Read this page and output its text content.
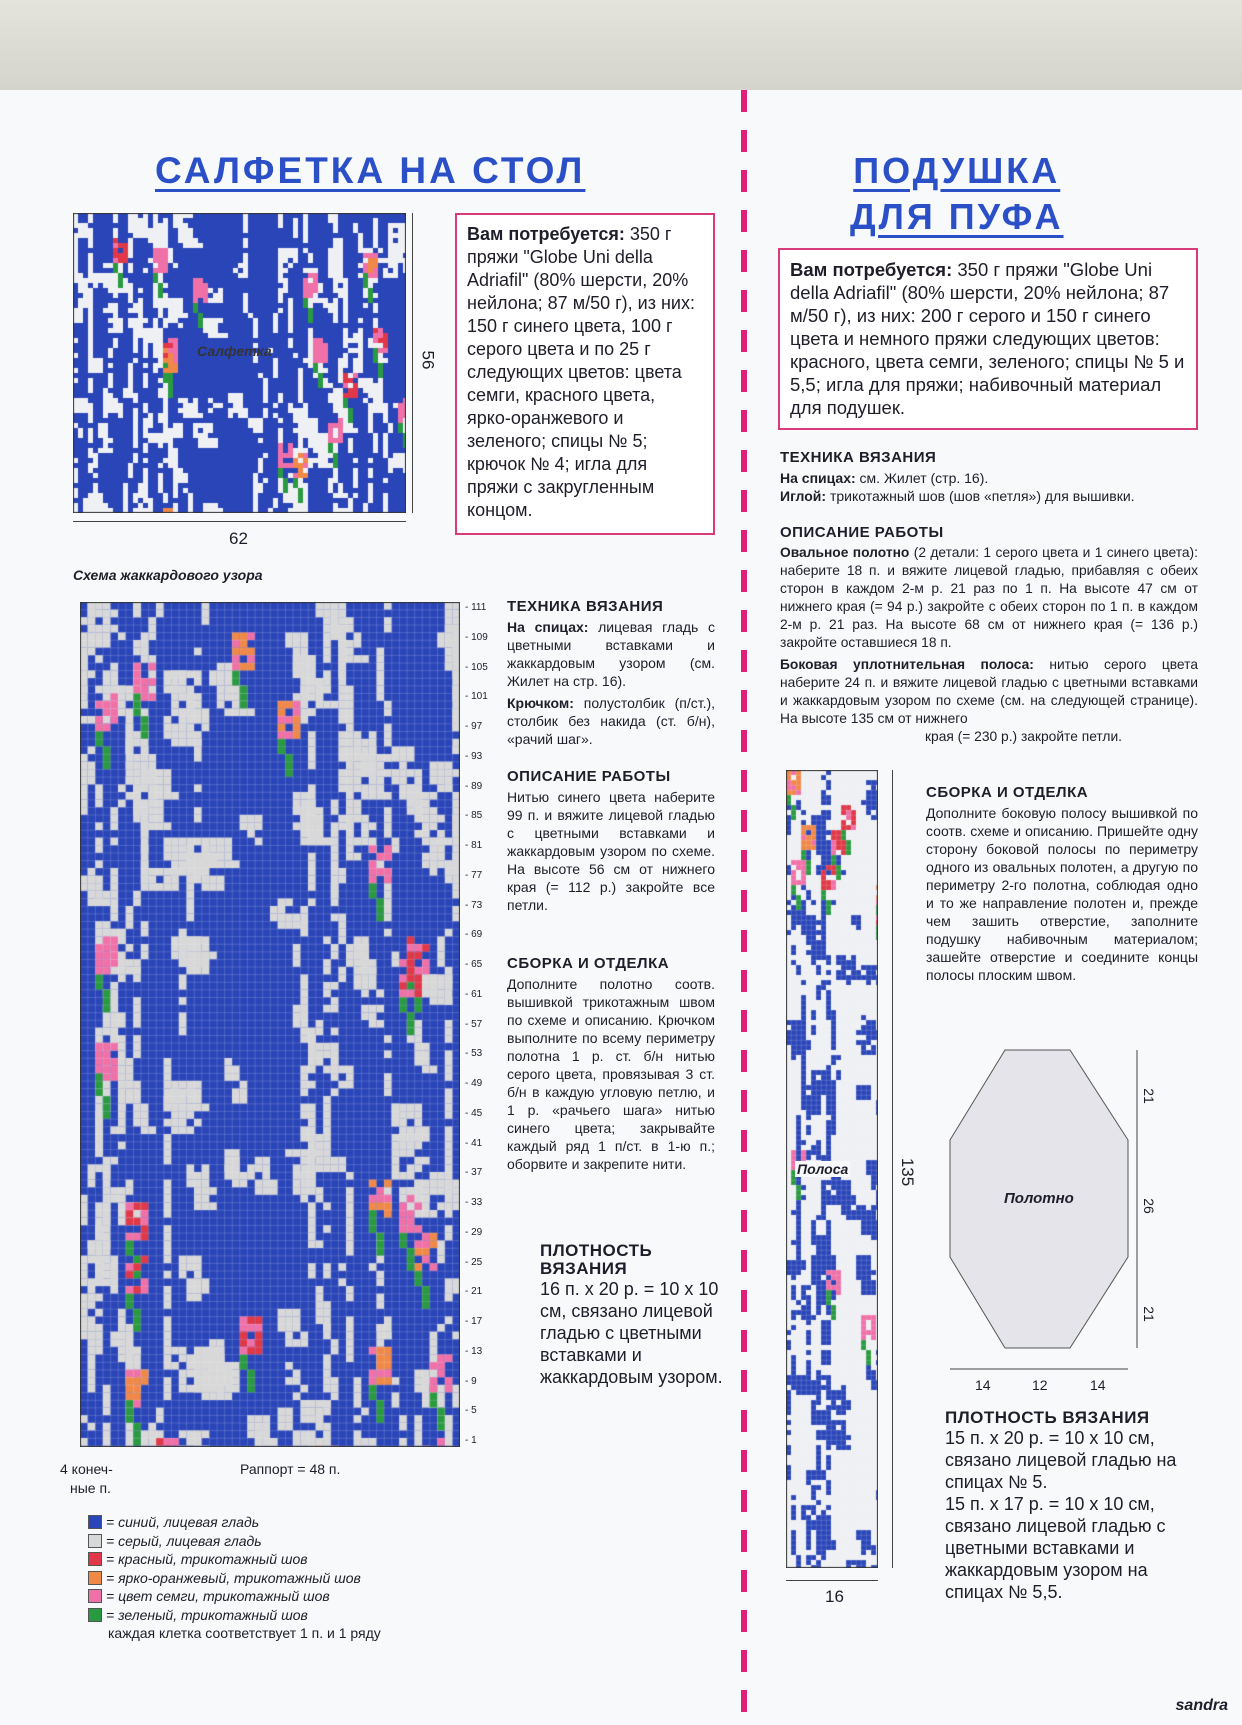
САЛФЕТКА НА СТОЛ
Салфетка	56
62
Вам потребуется: 350 г пряжи "Globe Uni della Adriafil" (80% шерсти, 20% нейлона; 87 м/50 г), из них: 150 г синего цвета, 100 г серого цвета и по 25 г следующих цветов: цвета семги, красного цвета, ярко-оранжевого и зеленого; спицы № 5; крючок № 4; игла для пряжи с закругленным концом.
Схема жаккардового узора
- 111
- 109
- 105
- 101
- 97
- 93
- 89
- 85
- 81
- 77
- 73
- 69
- 65
- 61
- 57
- 53
- 49
- 45
- 41
- 37
- 33
- 29
- 25
- 21
- 17
- 13
- 9
- 5
- 1
4 конеч-
ные п.
Раппорт = 48 п.
= синий, лицевая гладь
= серый, лицевая гладь
= красный, трикотажный шов
= ярко-оранжевый, трикотажный шов
= цвет семги, трикотажный шов
= зеленый, трикотажный шов
каждая клетка соответствует 1 п. и 1 ряду
ТЕХНИКА ВЯЗАНИЯ

На спицах: лицевая гладь с цветными вставками и жаккардовым узором (см. Жилет на стр. 16).

Крючком: полустолбик (п/ст.), столбик без накида (ст. б/н), «рачий шаг».

ОПИСАНИЕ РАБОТЫ

Нитью синего цвета наберите 99 п. и вяжите лицевой гладью с цветными вставками и жаккардовым узором по схеме. На высоте 56 см от нижнего края (= 112 р.) закройте все петли.

СБОРКА И ОТДЕЛКА

Дополните полотно соотв. вышивкой трикотажным швом по схеме и описанию. Крючком выполните по всему периметру полотна 1 р. ст. б/н нитью серого цвета, провязывая 3 ст. б/н в каждую угловую петлю, и 1 р. «рачьего шага» нитью синего цвета; закрывайте каждый ряд 1 п/ст. в 1-ю п.; оборвите и закрепите нити.

ПЛОТНОСТЬ
ВЯЗАНИЯ

16 п. х 20 р. = 10 х 10 см, связано лицевой гладью с цветными вставками и жаккардовым узором.

ПОДУШКА
ДЛЯ ПУФА
Вам потребуется: 350 г пряжи "Globe Uni della Adriafil" (80% шерсти, 20% нейлона; 87 м/50 г), из них: 200 г серого и 150 г синего цвета и немного пряжи следующих цветов: красного, цвета семги, зеленого; спицы № 5 и 5,5; игла для пряжи; набивочный материал для подушек.
ТЕХНИКА ВЯЗАНИЯ

На спицах: см. Жилет (стр. 16).

Иглой: трикотажный шов (шов «петля») для вышивки.

ОПИСАНИЕ РАБОТЫ

Овальное полотно (2 детали: 1 серого цвета и 1 синего цвета): наберите 18 п. и вяжите лицевой гладью, прибавляя с обеих сторон в каждом 2-м р. 21 раз по 1 п. На высоте 47 см от нижнего края (= 94 р.) закройте с обеих сторон по 1 п. в каждом 2-м р. 21 раз. На высоте 68 см от нижнего края (= 136 р.) закройте оставшиеся 18 п.

Боковая уплотнительная полоса: нитью серого цвета наберите 24 п. и вяжите лицевой гладью с цветными вставками и жаккардовым узором по схеме (см. на следующей странице). На высоте 135 см от нижнего

края (= 230 р.) закройте петли.

Полоса	135
16
СБОРКА И ОТДЕЛКА

Дополните боковую полосу вышивкой по соотв. схеме и описанию. Пришейте одну сторону боковой полосы по периметру одного из овальных полотен, а другую по периметру 2-го полотна, соблюдая одно и то же направление полотен и, прежде чем зашить отверстие, заполните подушку набивочным материалом; зашейте отверстие и соедините концы полосы плоским швом.

Полотно
21
26
21
14	12	14
ПЛОТНОСТЬ ВЯЗАНИЯ

15 п. х 20 р. = 10 х 10 см, связано лицевой гладью на спицах № 5.

15 п. х 17 р. = 10 х 10 см, связано лицевой гладью с цветными вставками и жаккардовым узором на спицах № 5,5.

sandra
